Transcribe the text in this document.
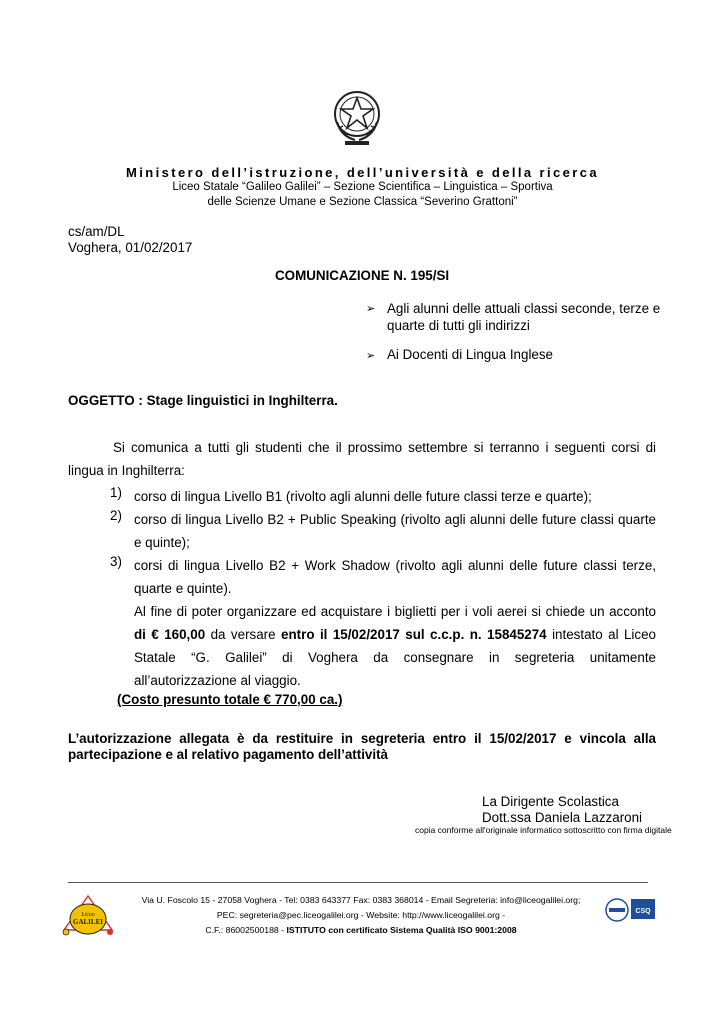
Ministero dell’istruzione, dell’università e della ricerca

Liceo Statale “Galileo Galilei” – Sezione Scientifica – Linguistica – Sportiva
delle Scienze Umane e Sezione Classica “Severino Grattoni”
cs/am/DL
Voghera, 01/02/2017

COMUNICAZIONE N. 195/SI

➢ Agli alunni delle attuali classi seconde, terze e quarte di tutti gli indirizzi
➢ Ai Docenti di Lingua Inglese

OGGETTO : Stage linguistici in Inghilterra.

Si comunica a tutti gli studenti che il prossimo settembre si terranno i seguenti corsi di lingua in Inghilterra:
1) corso di lingua Livello B1 (rivolto agli alunni delle future classi terze e quarte);
2) corso di lingua Livello B2 + Public Speaking (rivolto agli alunni delle future classi quarte e quinte);
3) corsi di lingua Livello B2 + Work Shadow (rivolto agli alunni delle future classi terze, quarte e quinte).
Al fine di poter organizzare ed acquistare i biglietti per i voli aerei si chiede un acconto di € 160,00 da versare entro il 15/02/2017 sul c.c.p. n. 15845274 intestato al Liceo Statale “G. Galilei” di Voghera da consegnare in segreteria unitamente all’autorizzazione al viaggio.
(Costo presunto totale € 770,00 ca.)

L’autorizzazione allegata è da restituire in segreteria entro il 15/02/2017 e vincola alla partecipazione e al relativo pagamento dell’attività

La Dirigente Scolastica
Dott.ssa Daniela Lazzaroni
copia conforme all'originale informatico sottoscritto con firma digitale
Liceo
GALILEI
Via U. Foscolo 15 - 27058 Voghera - Tel: 0383 643377 Fax: 0383 368014 - Email Segreteria: info@liceogalilei.org;
PEC: segreteria@pec.liceogalilei.org - Website: http://www.liceogalilei.org -
C.F.: 86002500188 - ISTITUTO con certificato Sistema Qualità ISO 9001:2008
CSQ
